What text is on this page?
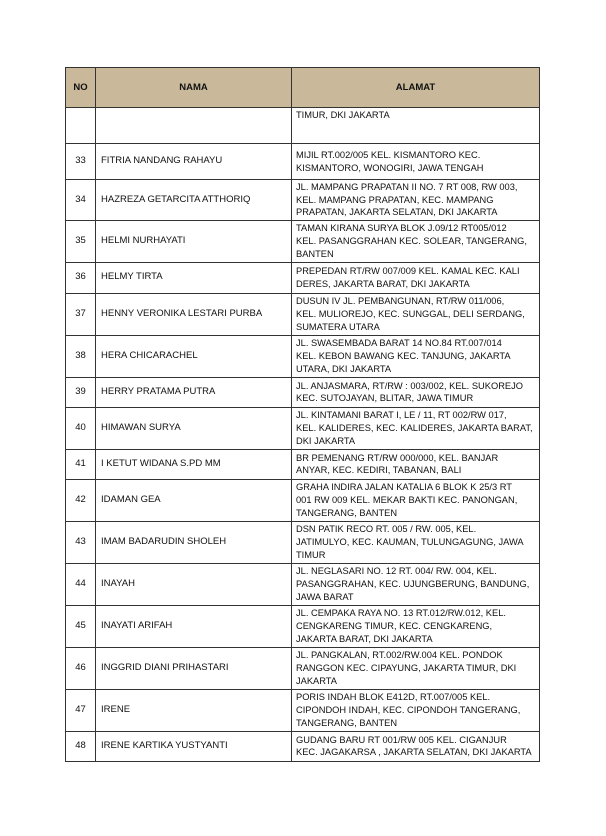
NO	NAMA	ALAMAT

		TIMUR, DKI JAKARTA

33	FITRIA NANDANG RAHAYU	MIJIL RT.002/005 KEL. KISMANTORO KEC.
KISMANTORO, WONOGIRI, JAWA TENGAH

34	HAZREZA GETARCITA ATTHORIQ	JL. MAMPANG PRAPATAN II NO. 7 RT 008, RW 003,
KEL. MAMPANG PRAPATAN, KEC. MAMPANG
PRAPATAN, JAKARTA SELATAN, DKI JAKARTA

35	HELMI NURHAYATI	TAMAN KIRANA SURYA BLOK J.09/12 RT005/012
KEL. PASANGGRAHAN KEC. SOLEAR, TANGERANG,
BANTEN

36	HELMY TIRTA	PREPEDAN RT/RW 007/009 KEL. KAMAL KEC. KALI
DERES, JAKARTA BARAT, DKI JAKARTA

37	HENNY VERONIKA LESTARI PURBA	DUSUN IV JL. PEMBANGUNAN, RT/RW 011/006,
KEL. MULIOREJO, KEC. SUNGGAL, DELI SERDANG,
SUMATERA UTARA

38	HERA CHICARACHEL	JL. SWASEMBADA BARAT 14 NO.84 RT.007/014
KEL. KEBON BAWANG KEC. TANJUNG, JAKARTA
UTARA, DKI JAKARTA

39	HERRY PRATAMA PUTRA	JL. ANJASMARA, RT/RW : 003/002, KEL. SUKOREJO
KEC. SUTOJAYAN, BLITAR, JAWA TIMUR

40	HIMAWAN SURYA	JL. KINTAMANI BARAT I, LE / 11, RT 002/RW 017,
KEL. KALIDERES, KEC. KALIDERES, JAKARTA BARAT,
DKI JAKARTA

41	I KETUT WIDANA S.PD MM	BR PEMENANG RT/RW 000/000, KEL. BANJAR
ANYAR, KEC. KEDIRI, TABANAN, BALI

42	IDAMAN GEA	GRAHA INDIRA JALAN KATALIA 6 BLOK K 25/3 RT
001 RW 009 KEL. MEKAR BAKTI KEC. PANONGAN,
TANGERANG, BANTEN

43	IMAM BADARUDIN SHOLEH	DSN PATIK RECO RT. 005 / RW. 005, KEL.
JATIMULYO, KEC. KAUMAN, TULUNGAGUNG, JAWA
TIMUR

44	INAYAH	JL. NEGLASARI NO. 12 RT. 004/ RW. 004, KEL.
PASANGGRAHAN, KEC. UJUNGBERUNG, BANDUNG,
JAWA BARAT

45	INAYATI ARIFAH	JL. CEMPAKA RAYA NO. 13 RT.012/RW.012, KEL.
CENGKARENG TIMUR, KEC. CENGKARENG,
JAKARTA BARAT, DKI JAKARTA

46	INGGRID DIANI PRIHASTARI	JL. PANGKALAN, RT.002/RW.004 KEL. PONDOK
RANGGON KEC. CIPAYUNG, JAKARTA TIMUR, DKI
JAKARTA

47	IRENE	PORIS INDAH BLOK E412D, RT.007/005 KEL.
CIPONDOH INDAH, KEC. CIPONDOH TANGERANG,
TANGERANG, BANTEN

48	IRENE KARTIKA YUSTYANTI	GUDANG BARU RT 001/RW 005 KEL. CIGANJUR
KEC. JAGAKARSA , JAKARTA SELATAN, DKI JAKARTA
